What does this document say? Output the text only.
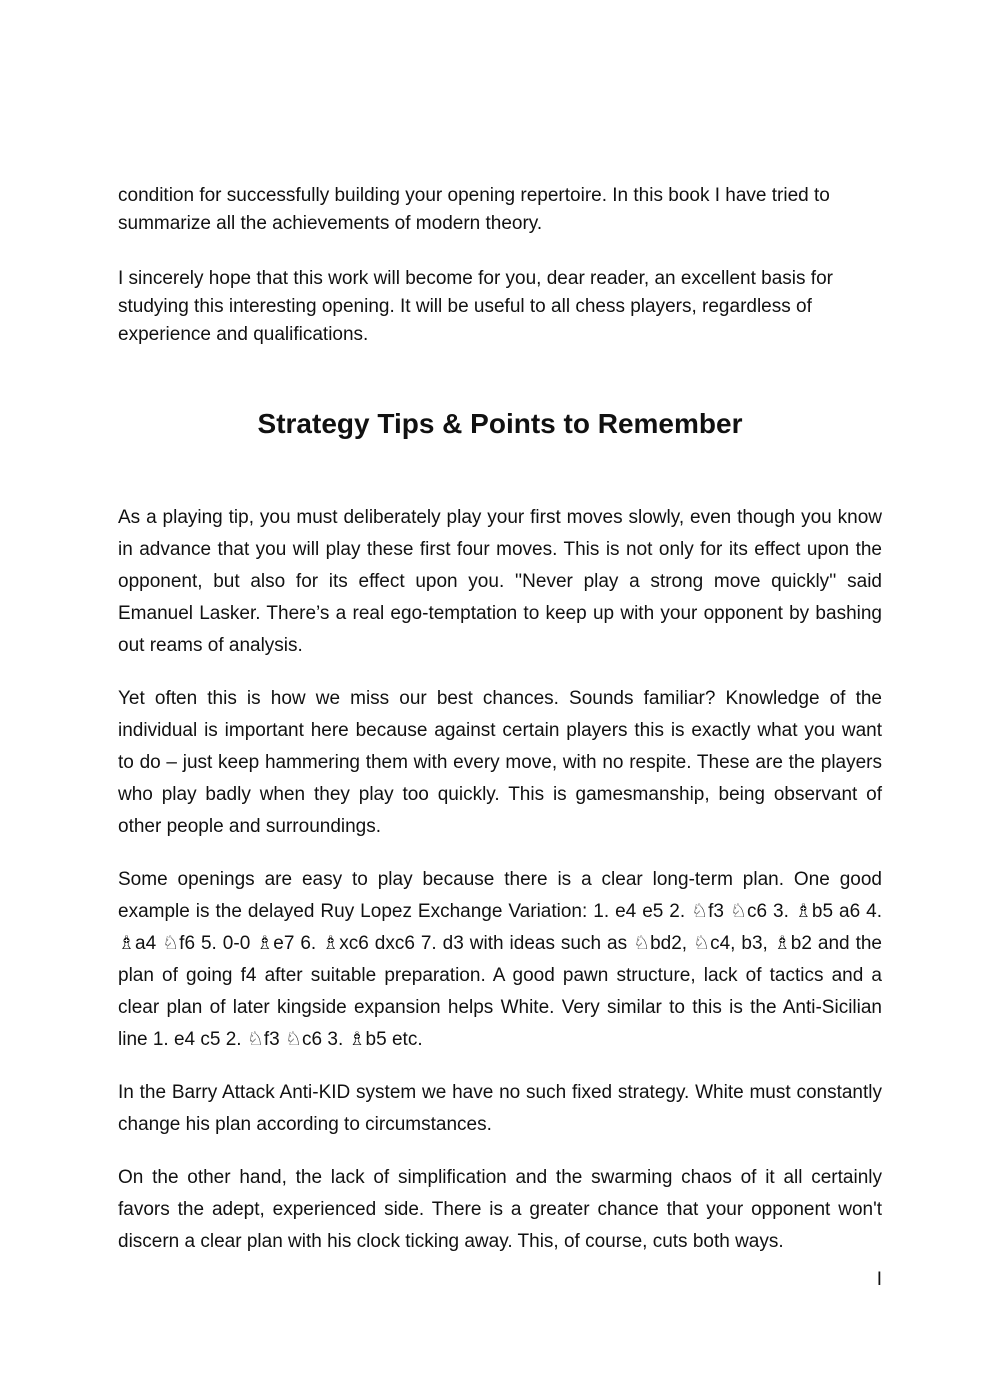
condition for successfully building your opening repertoire. In this book I have tried to summarize all the achievements of modern theory.

I sincerely hope that this work will become for you, dear reader, an excellent basis for studying this interesting opening. It will be useful to all chess players, regardless of experience and qualifications.

Strategy Tips & Points to Remember

As a playing tip, you must deliberately play your first moves slowly, even though you know in advance that you will play these first four moves. This is not only for its effect upon the opponent, but also for its effect upon you. ''Never play a strong move quickly'' said Emanuel Lasker. There’s a real ego-temptation to keep up with your opponent by bashing out reams of analysis.

Yet often this is how we miss our best chances. Sounds familiar? Knowledge of the individual is important here because against certain players this is exactly what you want to do – just keep hammering them with every move, with no respite. These are the players who play badly when they play too quickly. This is gamesmanship, being observant of other people and surroundings.

Some openings are easy to play because there is a clear long-term plan. One good example is the delayed Ruy Lopez Exchange Variation: 1. e4 e5 2. ♘f3 ♘c6 3. ♗b5 a6 4. ♗a4 ♘f6 5. 0-0 ♗e7 6. ♗xc6 dxc6 7. d3 with ideas such as ♘bd2, ♘c4, b3, ♗b2 and the plan of going f4 after suitable preparation. A good pawn structure, lack of tactics and a clear plan of later kingside expansion helps White. Very similar to this is the Anti-Sicilian line 1. e4 c5 2. ♘f3 ♘c6 3. ♗b5 etc.

In the Barry Attack Anti-KID system we have no such fixed strategy. White must constantly change his plan according to circumstances.

On the other hand, the lack of simplification and the swarming chaos of it all certainly favors the adept, experienced side. There is a greater chance that your opponent won't discern a clear plan with his clock ticking away. This, of course, cuts both ways.

I
